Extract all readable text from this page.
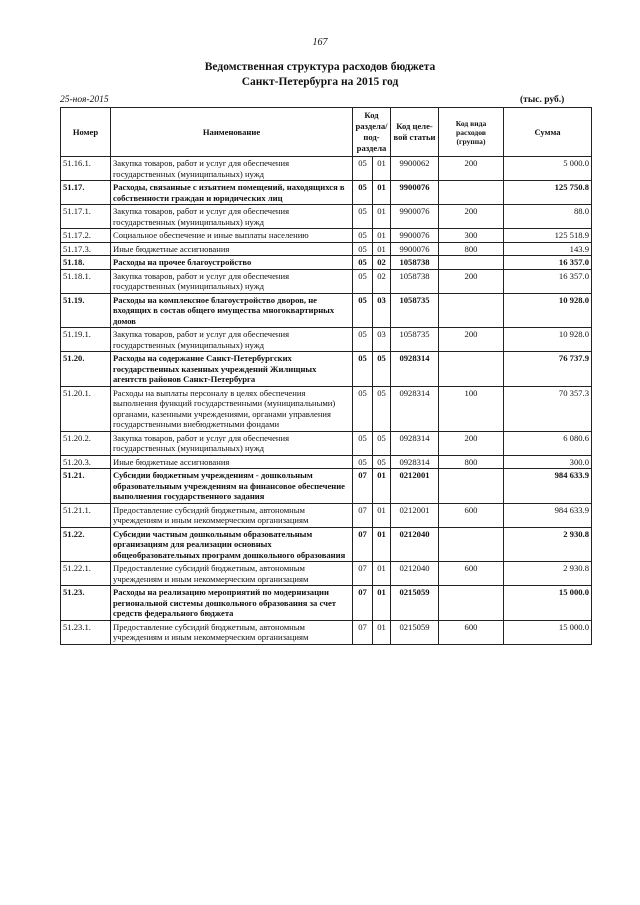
167
Ведомственная структура расходов бюджета
Санкт-Петербурга на 2015 год
25-ноя-2015	(тыс. руб.)
Номер	Наименование	Код раздела/ под- раздела		Код целе- вой статьи	Код вида расходов (группа)	Сумма
51.16.1.	Закупка товаров, работ и услуг для обеспечения государственных (муниципальных) нужд	05	01	9900062	200	5 000.0
51.17.	Расходы, связанные с изъятием помещений, находящихся в собственности граждан и юридических лиц	05	01	9900076		125 750.8
51.17.1.	Закупка товаров, работ и услуг для обеспечения государственных (муниципальных) нужд	05	01	9900076	200	88.0
51.17.2.	Социальное обеспечение и иные выплаты населению	05	01	9900076	300	125 518.9
51.17.3.	Иные бюджетные ассигнования	05	01	9900076	800	143.9
51.18.	Расходы на прочее благоустройство	05	02	1058738		16 357.0
51.18.1.	Закупка товаров, работ и услуг для обеспечения государственных (муниципальных) нужд	05	02	1058738	200	16 357.0
51.19.	Расходы на комплексное благоустройство дворов, не входящих в состав общего имущества многоквартирных домов	05	03	1058735		10 928.0
51.19.1.	Закупка товаров, работ и услуг для обеспечения государственных (муниципальных) нужд	05	03	1058735	200	10 928.0
51.20.	Расходы на содержание Санкт-Петербургских государственных казенных учреждений Жилищных агентств районов Санкт-Петербурга	05	05	0928314		76 737.9
51.20.1.	Расходы на выплаты персоналу в целях обеспечения выполнения функций государственными (муниципальными) органами, казенными учреждениями, органами управления государственными внебюджетными фондами	05	05	0928314	100	70 357.3
51.20.2.	Закупка товаров, работ и услуг для обеспечения государственных (муниципальных) нужд	05	05	0928314	200	6 080.6
51.20.3.	Иные бюджетные ассигнования	05	05	0928314	800	300.0
51.21.	Субсидии бюджетным учреждениям - дошкольным образовательным учреждениям на финансовое обеспечение выполнения государственного задания	07	01	0212001		984 633.9
51.21.1.	Предоставление субсидий бюджетным, автономным учреждениям и иным некоммерческим организациям	07	01	0212001	600	984 633.9
51.22.	Субсидии частным дошкольным образовательным организациям для реализации основных общеобразовательных программ дошкольного образования	07	01	0212040		2 930.8
51.22.1.	Предоставление субсидий бюджетным, автономным учреждениям и иным некоммерческим организациям	07	01	0212040	600	2 930.8
51.23.	Расходы на реализацию мероприятий по модернизации региональной системы дошкольного образования за счет средств федерального бюджета	07	01	0215059		15 000.0
51.23.1.	Предоставление субсидий бюджетным, автономным учреждениям и иным некоммерческим организациям	07	01	0215059	600	15 000.0
